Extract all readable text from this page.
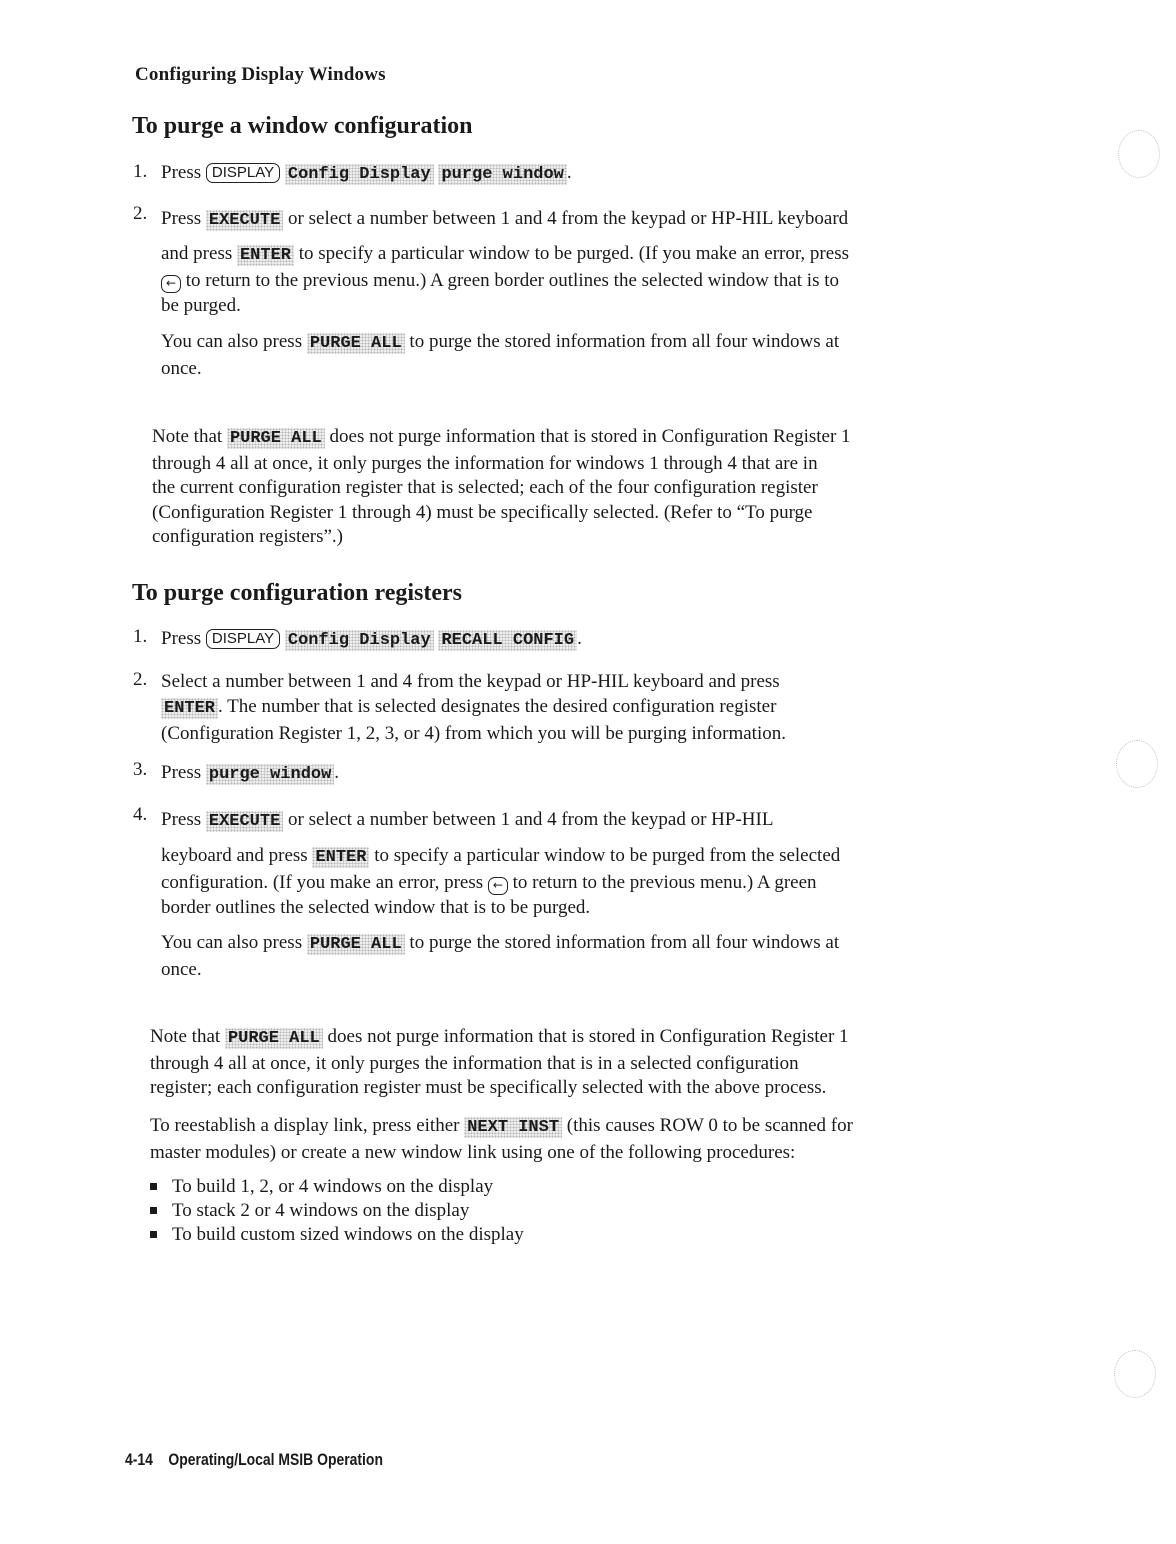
Configuring Display Windows
To purge a window configuration
1. Press DISPLAY Config Display purge window .
2. Press EXECUTE or select a number between 1 and 4 from the keypad or HP-HIL keyboard
and press ENTER to specify a particular window to be purged. (If you make an error, press
← to return to the previous menu.) A green border outlines the selected window that is to
be purged.
You can also press PURGE ALL to purge the stored information from all four windows at
once.
Note that PURGE ALL does not purge information that is stored in Configuration Register 1
through 4 all at once, it only purges the information for windows 1 through 4 that are in
the current configuration register that is selected; each of the four configuration register
(Configuration Register 1 through 4) must be specifically selected. (Refer to “To purge
configuration registers”.)
To purge configuration registers
1. Press DISPLAY Config Display RECALL CONFIG .
2. Select a number between 1 and 4 from the keypad or HP-HIL keyboard and press
ENTER . The number that is selected designates the desired configuration register
(Configuration Register 1, 2, 3, or 4) from which you will be purging information.
3. Press purge window .
4. Press EXECUTE or select a number between 1 and 4 from the keypad or HP-HIL
keyboard and press ENTER to specify a particular window to be purged from the selected
configuration. (If you make an error, press ← to return to the previous menu.) A green
border outlines the selected window that is to be purged.
You can also press PURGE ALL to purge the stored information from all four windows at
once.
Note that PURGE ALL does not purge information that is stored in Configuration Register 1
through 4 all at once, it only purges the information that is in a selected configuration
register; each configuration register must be specifically selected with the above process.
To reestablish a display link, press either NEXT INST (this causes ROW 0 to be scanned for
master modules) or create a new window link using one of the following procedures:
To build 1, 2, or 4 windows on the display
To stack 2 or 4 windows on the display
To build custom sized windows on the display
4-14 Operating/Local MSIB Operation
